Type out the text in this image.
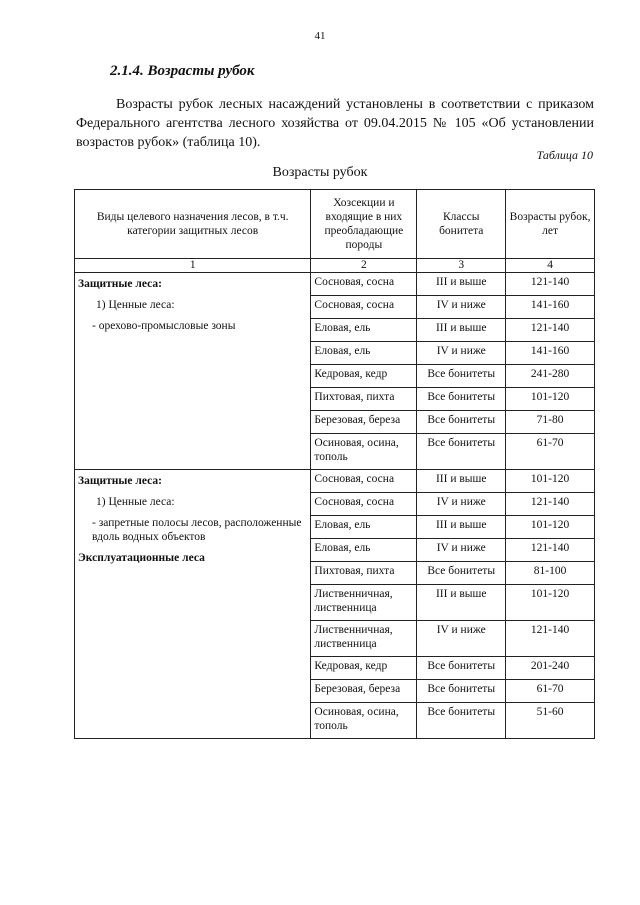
41
2.1.4. Возрасты рубок

Возрасты рубок лесных насаждений установлены в соответствии с приказом Федерального агентства лесного хозяйства от 09.04.2015 № 105 «Об установлении возрастов рубок» (таблица 10).

Таблица 10
Возрасты рубок
Виды целевого назначения лесов, в т.ч. категории защитных лесов	Хозсекции и входящие в них преобладающие породы	Классы бонитета	Возрасты рубок, лет
1	2	3	4

Защитные леса:
1) Ценные леса:
- орехово-промысловые зоны	Сосновая, сосна	III и выше	121-140
	Сосновая, сосна	IV и ниже	141-160
	Еловая, ель	III и выше	121-140
	Еловая, ель	IV и ниже	141-160
	Кедровая, кедр	Все бонитеты	241-280
	Пихтовая, пихта	Все бонитеты	101-120
	Березовая, береза	Все бонитеты	71-80
	Осиновая, осина, тополь	Все бонитеты	61-70

Защитные леса:
1) Ценные леса:
- запретные полосы лесов, расположенные вдоль водных объектов
Эксплуатационные леса	Сосновая, сосна	III и выше	101-120
	Сосновая, сосна	IV и ниже	121-140
	Еловая, ель	III и выше	101-120
	Еловая, ель	IV и ниже	121-140
	Пихтовая, пихта	Все бонитеты	81-100
	Лиственничная, лиственница	III и выше	101-120
	Лиственничная, лиственница	IV и ниже	121-140
	Кедровая, кедр	Все бонитеты	201-240
	Березовая, береза	Все бонитеты	61-70
	Осиновая, осина, тополь	Все бонитеты	51-60
